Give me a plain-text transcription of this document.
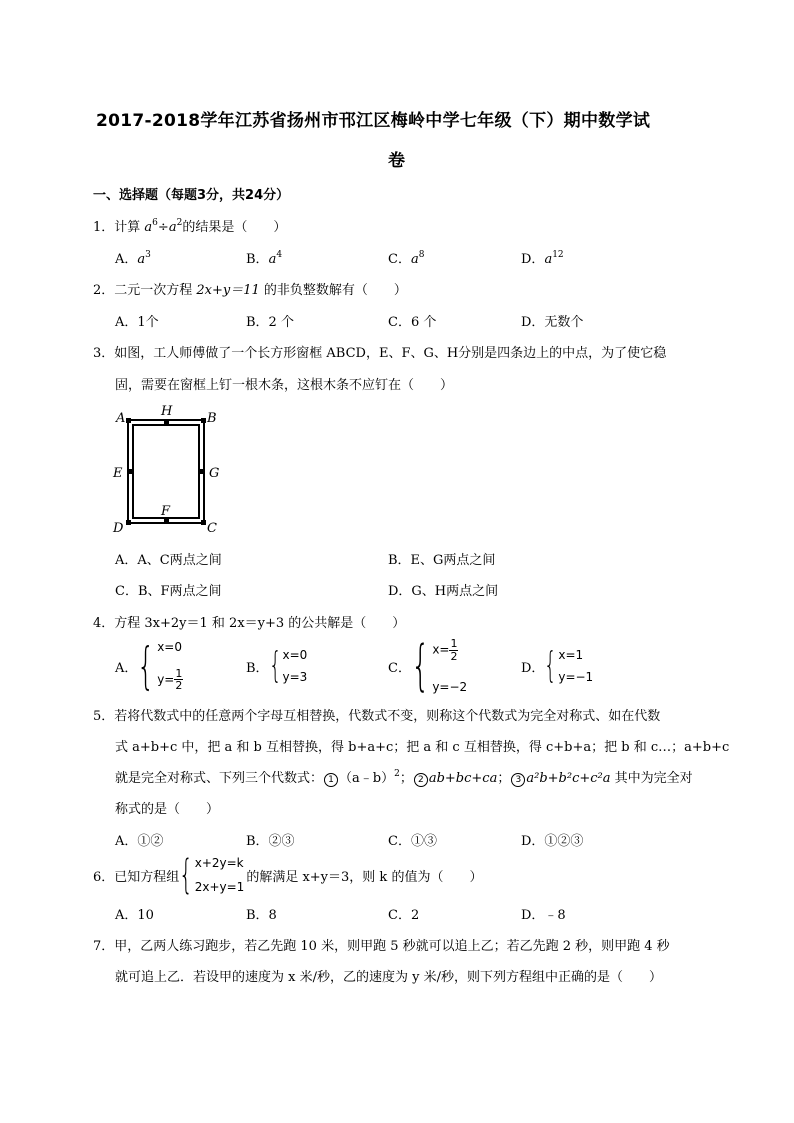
2017-2018学年江苏省扬州市邗江区梅岭中学七年级（下）期中数学试
卷
一、选择题（每题3分，共24分）
1．计算 $a^6\div a^2$的结果是（　　）
A．$a^3$	B．$a^4$	C．$a^8$	D．$a^{12}$
2．二元一次方程 2x+y＝11 的非负整数解有（　　）
A．1个	B．2 个	C．6 个	D．无数个
3．如图，工人师傅做了一个长方形窗框 ABCD，E、F、G、H分别是四条边上的中点，为了使它稳
固，需要在窗框上钉一根木条，这根木条不应钉在（　　）
A	B
C
D
E
F
G
H
A．A、C两点之间	B．E、G两点之间
C．B、F两点之间	D．G、H两点之间
4．方程 3x+2y＝1 和 2x＝y+3 的公共解是（　　）
A． { x=0
$y= \frac{1}{2}$	B． { x=0
y=3
C． { $x= \frac{1}{2}$
y=−2
D． { x=1
y=−1
5．若将代数式中的任意两个字母互相替换，代数式不变，则称这个代数式为完全对称式、如在代数
式 a+b+c 中，把 a 和 b 互相替换，得 b+a+c；把 a 和 c 互相替换，得 c+b+a；把 b 和 c…；a+b+c
就是完全对称式、下列三个代数式： 1 （a﹣b）$^2$； 2 ab+bc+ca； 3 a²b+b²c+c²a 其中为完全对
称式的是（　　）
A．①②	B．②③	C．①③	D．①②③
6．已知方程组 { x+2y=k
2x+y=1
的解满足 x+y＝3，则 k 的值为（　　）
A．10	B．8	C．2	D．﹣8
7．甲，乙两人练习跑步，若乙先跑 10 米，则甲跑 5 秒就可以追上乙；若乙先跑 2 秒，则甲跑 4 秒
就可追上乙．若设甲的速度为 x 米/秒，乙的速度为 y 米/秒，则下列方程组中正确的是（　　）
